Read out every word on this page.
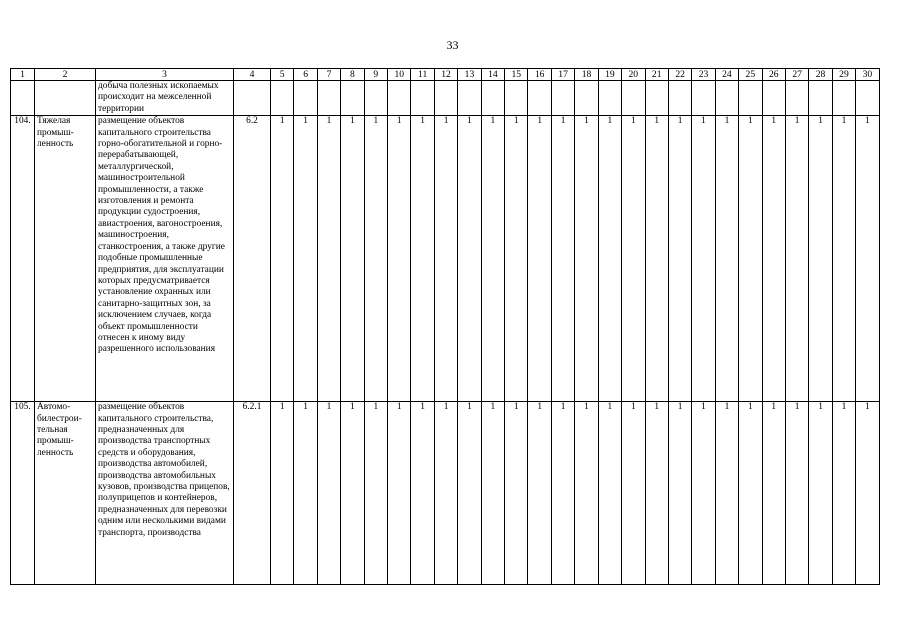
33
1	2	3	4	5	6	7	8	9	10	11	12	13	14	15	16	17	18	19	20	21	22	23	24	25	26	27	28	29	30
		добыча полезных ископаемых происходит на межселенной территории																											
104.	Тяжелая промыш-ленность	размещение объектов капитального строительства горно-обогатительной и горно-перерабатывающей, металлургической, машиностроительной промышленности, а также изготовления и ремонта продукции судостроения, авиастроения, вагоностроения, машиностроения, станкостроения, а также другие подобные промышленные предприятия, для эксплуатации которых предусматривается установление охранных или санитарно-защитных зон, за исключением случаев, когда объект промышленности отнесен к иному виду разрешенного использования	6.2	1	1	1	1	1	1	1	1	1	1	1	1	1	1	1	1	1	1	1	1	1	1	1	1	1	1
105.	Автомо-билестрои-тельная промыш-ленность	размещение объектов капитального строительства, предназначенных для производства транспортных средств и оборудования, производства автомобилей, производства автомобильных кузовов, производства прицепов, полуприцепов и контейнеров, предназначенных для перевозки одним или несколькими видами транспорта, производства	6.2.1	1	1	1	1	1	1	1	1	1	1	1	1	1	1	1	1	1	1	1	1	1	1	1	1	1	1
